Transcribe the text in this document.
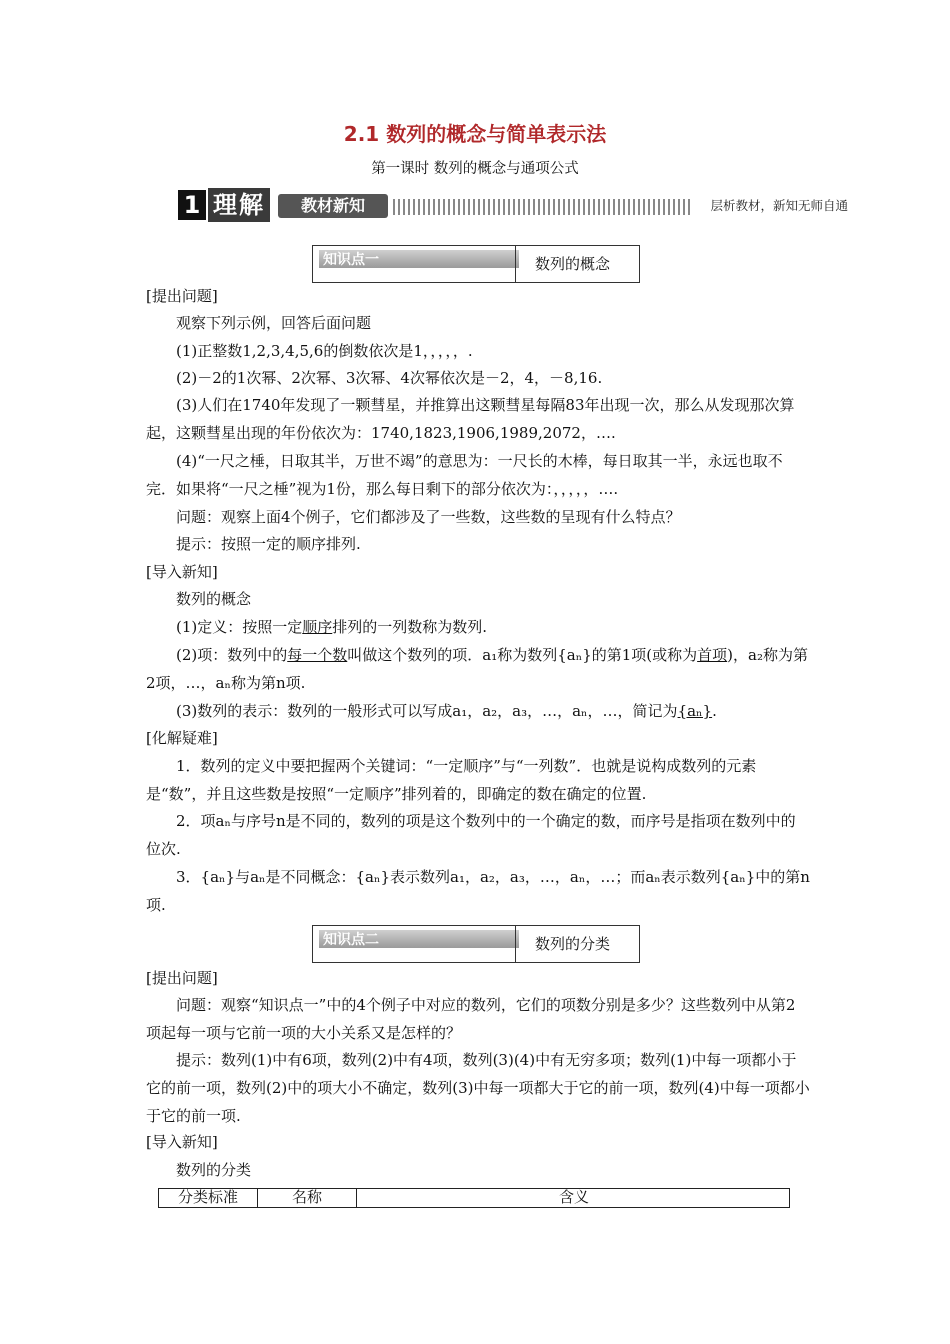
2.1 数列的概念与简单表示法
第一课时 数列的概念与通项公式
1 理解	教材新知	层析教材，新知无师自通
知识点一	数列的概念
[提出问题]
观察下列示例，回答后面问题
(1)正整数1,2,3,4,5,6的倒数依次是1，，，，，.
(2)－2的1次幂、2次幂、3次幂、4次幂依次是－2，4，－8,16.
(3)人们在1740年发现了一颗彗星，并推算出这颗彗星每隔83年出现一次，那么从发现那次算起，这颗彗星出现的年份依次为：1740,1823,1906,1989,2072，….
(4)“一尺之棰，日取其半，万世不竭”的意思为：一尺长的木棒，每日取其一半，永远也取不完．如果将“一尺之棰”视为1份，那么每日剩下的部分依次为：，，，，，….
问题：观察上面4个例子，它们都涉及了一些数，这些数的呈现有什么特点？
提示：按照一定的顺序排列.
[导入新知]
数列的概念
(1)定义：按照一定顺序排列的一列数称为数列.
(2)项：数列中的每一个数叫做这个数列的项．a₁称为数列{aₙ}的第1项(或称为首项)，a₂称为第2项，…，aₙ称为第n项.
(3)数列的表示：数列的一般形式可以写成a₁，a₂，a₃，…，aₙ，…，简记为{aₙ}.
[化解疑难]
1．数列的定义中要把握两个关键词：“一定顺序”与“一列数”．也就是说构成数列的元素是“数”，并且这些数是按照“一定顺序”排列着的，即确定的数在确定的位置.
2．项aₙ与序号n是不同的，数列的项是这个数列中的一个确定的数，而序号是指项在数列中的位次.
3．{aₙ}与aₙ是不同概念：{aₙ}表示数列a₁，a₂，a₃，…，aₙ，…；而aₙ表示数列{aₙ}中的第n项.
知识点二	数列的分类
[提出问题]
问题：观察“知识点一”中的4个例子中对应的数列，它们的项数分别是多少？这些数列中从第2项起每一项与它前一项的大小关系又是怎样的？
提示：数列(1)中有6项，数列(2)中有4项，数列(3)(4)中有无穷多项；数列(1)中每一项都小于它的前一项，数列(2)中的项大小不确定，数列(3)中每一项都大于它的前一项，数列(4)中每一项都小于它的前一项.
[导入新知]
数列的分类
分类标准	名称	含义
